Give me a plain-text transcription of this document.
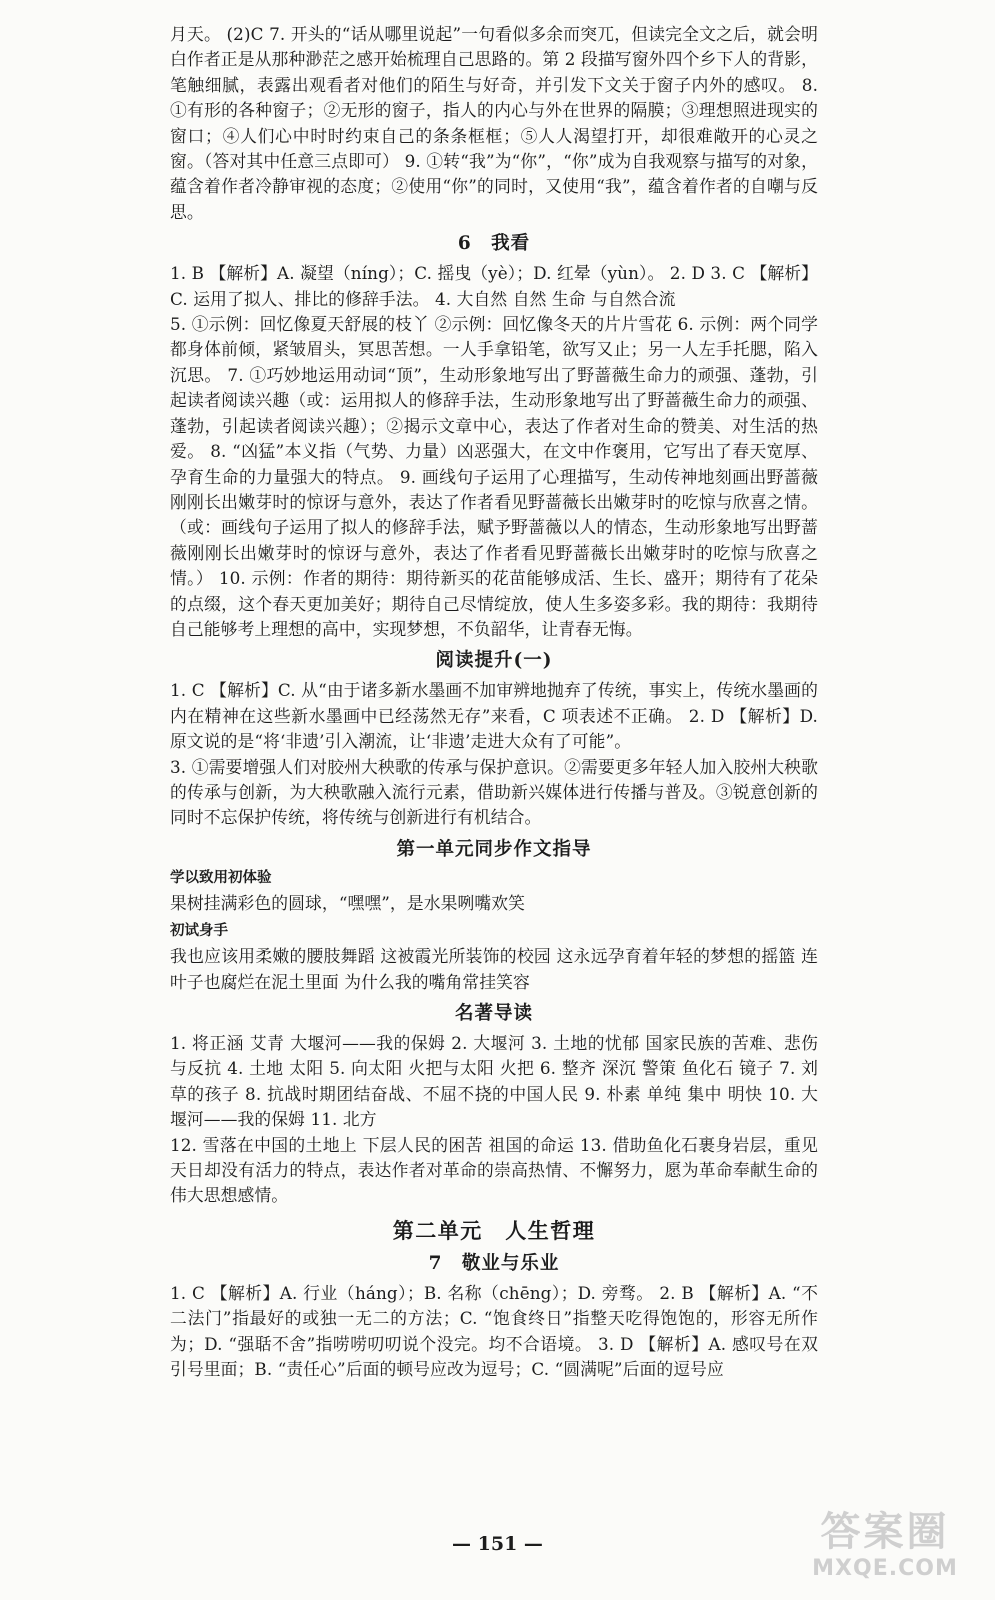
月天。 (2)C 7. 开头的“话从哪里说起”一句看似多余而突兀，但读完全文之后，就会明白作者正是从那种渺茫之感开始梳理自己思路的。第 2 段描写窗外四个乡下人的背影，笔触细腻，表露出观看者对他们的陌生与好奇，并引发下文关于窗子内外的感叹。 8. ①有形的各种窗子；②无形的窗子，指人的内心与外在世界的隔膜；③理想照进现实的窗口；④人们心中时时约束自己的条条框框；⑤人人渴望打开，却很难敞开的心灵之窗。（答对其中任意三点即可） 9. ①转“我”为“你”，“你”成为自我观察与描写的对象，蕴含着作者冷静审视的态度；②使用“你”的同时，又使用“我”，蕴含着作者的自嘲与反思。

6　我看

1. B 【解析】A. 凝望（níng）；C. 摇曳（yè）；D. 红晕（yùn）。 2. D 3. C 【解析】C. 运用了拟人、排比的修辞手法。 4. 大自然 自然 生命 与自然合流

5. ①示例：回忆像夏天舒展的枝丫 ②示例：回忆像冬天的片片雪花 6. 示例：两个同学都身体前倾，紧皱眉头，冥思苦想。一人手拿铅笔，欲写又止；另一人左手托腮，陷入沉思。 7. ①巧妙地运用动词“顶”，生动形象地写出了野蔷薇生命力的顽强、蓬勃，引起读者阅读兴趣（或：运用拟人的修辞手法，生动形象地写出了野蔷薇生命力的顽强、蓬勃，引起读者阅读兴趣）；②揭示文章中心，表达了作者对生命的赞美、对生活的热爱。 8. “凶猛”本义指（气势、力量）凶恶强大，在文中作褒用，它写出了春天宽厚、孕育生命的力量强大的特点。 9. 画线句子运用了心理描写，生动传神地刻画出野蔷薇刚刚长出嫩芽时的惊讶与意外，表达了作者看见野蔷薇长出嫩芽时的吃惊与欣喜之情。（或：画线句子运用了拟人的修辞手法，赋予野蔷薇以人的情态，生动形象地写出野蔷薇刚刚长出嫩芽时的惊讶与意外，表达了作者看见野蔷薇长出嫩芽时的吃惊与欣喜之情。） 10. 示例：作者的期待：期待新买的花苗能够成活、生长、盛开；期待有了花朵的点缀，这个春天更加美好；期待自己尽情绽放，使人生多姿多彩。我的期待：我期待自己能够考上理想的高中，实现梦想，不负韶华，让青春无悔。

阅读提升(一)

1. C 【解析】C. 从“由于诸多新水墨画不加审辨地抛弃了传统，事实上，传统水墨画的内在精神在这些新水墨画中已经荡然无存”来看，C 项表述不正确。 2. D 【解析】D. 原文说的是“将‘非遗’引入潮流，让‘非遗’走进大众有了可能”。

3. ①需要增强人们对胶州大秧歌的传承与保护意识。②需要更多年轻人加入胶州大秧歌的传承与创新，为大秧歌融入流行元素，借助新兴媒体进行传播与普及。③锐意创新的同时不忘保护传统，将传统与创新进行有机结合。

第一单元同步作文指导
学以致用初体验

果树挂满彩色的圆球，“嘿嘿”，是水果咧嘴欢笑

初试身手

我也应该用柔嫩的腰肢舞蹈 这被霞光所装饰的校园 这永远孕育着年轻的梦想的摇篮 连叶子也腐烂在泥土里面 为什么我的嘴角常挂笑容

名著导读

1. 将正涵 艾青 大堰河——我的保姆 2. 大堰河 3. 土地的忧郁 国家民族的苦难、悲伤与反抗 4. 土地 太阳 5. 向太阳 火把与太阳 火把 6. 整齐 深沉 警策 鱼化石 镜子 7. 刘草的孩子 8. 抗战时期团结奋战、不屈不挠的中国人民 9. 朴素 单纯 集中 明快 10. 大堰河——我的保姆 11. 北方

12. 雪落在中国的土地上 下层人民的困苦 祖国的命运 13. 借助鱼化石裹身岩层，重见天日却没有活力的特点，表达作者对革命的崇高热情、不懈努力，愿为革命奉献生命的伟大思想感情。

第二单元　人生哲理
7　敬业与乐业

1. C 【解析】A. 行业（háng）；B. 名称（chēng）；D. 旁骛。 2. B 【解析】A. “不二法门”指最好的或独一无二的方法；C. “饱食终日”指整天吃得饱饱的，形容无所作为；D. “强聒不舍”指唠唠叨叨说个没完。均不合语境。 3. D 【解析】A. 感叹号在双引号里面；B. “责任心”后面的顿号应改为逗号；C. “圆满呢”后面的逗号应

— 151 —	答案圈
MXQE.COM
